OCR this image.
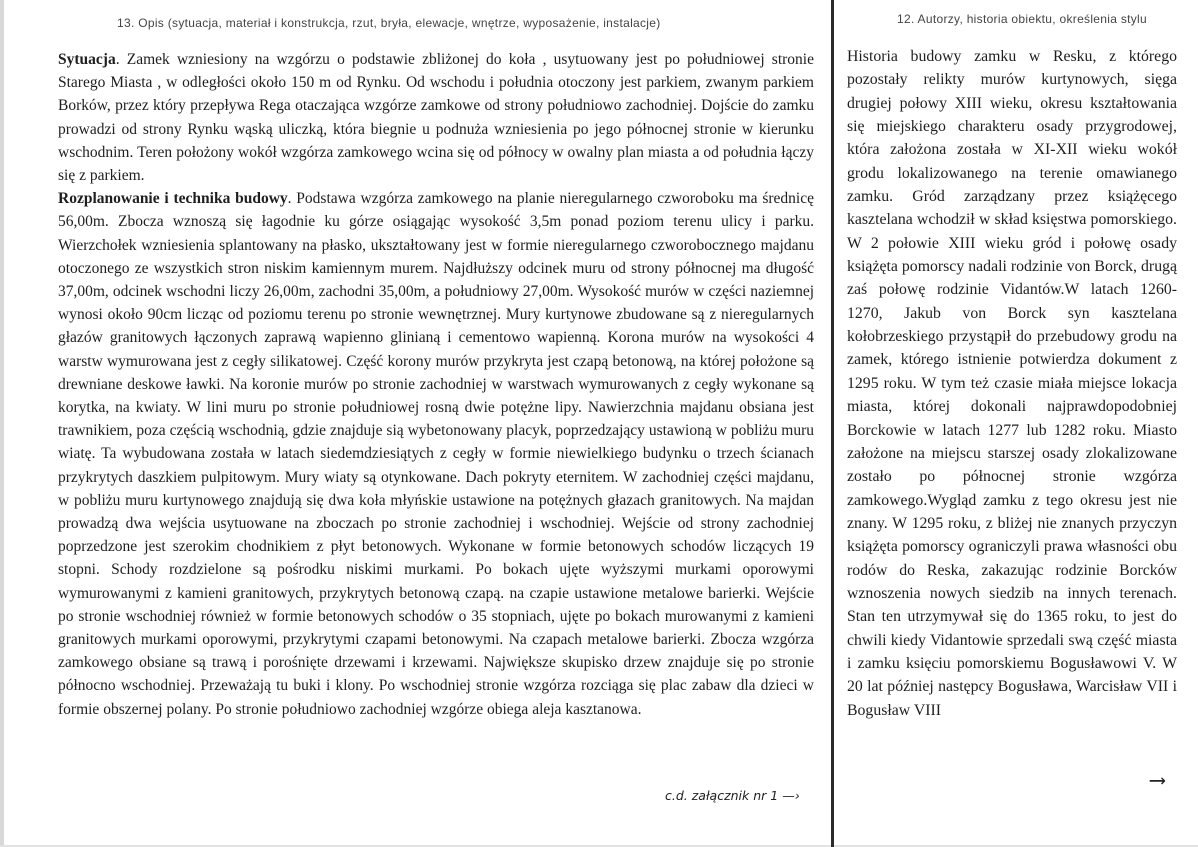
13. Opis (sytuacja, materiał i konstrukcja, rzut, bryła, elewacje, wnętrze, wyposażenie, instalacje)	12. Autorzy, historia obiektu, określenia stylu

Sytuacja. Zamek wzniesiony na wzgórzu o podstawie zbliżonej do koła , usytuowany jest po południowej stronie Starego Miasta , w odległości około 150 m od Rynku. Od wschodu i południa otoczony jest parkiem, zwanym parkiem Borków, przez który przepływa Rega otaczająca wzgórze zamkowe od strony południowo zachodniej. Dojście do zamku prowadzi od strony Rynku wąską uliczką, która biegnie u podnuża wzniesienia po jego północnej stronie w kierunku wschodnim. Teren położony wokół wzgórza zamkowego wcina się od północy w owalny plan miasta a od południa łączy się z parkiem.

Rozplanowanie i technika budowy. Podstawa wzgórza zamkowego na planie nieregularnego czworoboku ma średnicę 56,00m. Zbocza wznoszą się łagodnie ku górze osiągając wysokość 3,5m ponad poziom terenu ulicy i parku. Wierzchołek wzniesienia splantowany na płasko, ukształtowany jest w formie nieregularnego czworobocznego majdanu otoczonego ze wszystkich stron niskim kamiennym murem. Najdłuższy odcinek muru od strony północnej ma długość 37,00m, odcinek wschodni liczy 26,00m, zachodni 35,00m, a południowy 27,00m. Wysokość murów w części naziemnej wynosi około 90cm licząc od poziomu terenu po stronie wewnętrznej. Mury kurtynowe zbudowane są z nieregularnych głazów granitowych łączonych zaprawą wapienno glinianą i cementowo wapienną. Korona murów na wysokości 4 warstw wymurowana jest z cegły silikatowej. Część korony murów przykryta jest czapą betonową, na której położone są drewniane deskowe ławki. Na koronie murów po stronie zachodniej w warstwach wymurowanych z cegły wykonane są korytka, na kwiaty. W lini muru po stronie południowej rosną dwie potężne lipy. Nawierzchnia majdanu obsiana jest trawnikiem, poza częścią wschodnią, gdzie znajduje sią wybetonowany placyk, poprzedzający ustawioną w pobliżu muru wiatę. Ta wybudowana została w latach siedemdziesiątych z cegły w formie niewielkiego budynku o trzech ścianach przykrytych daszkiem pulpitowym. Mury wiaty są otynkowane. Dach pokryty eternitem. W zachodniej części majdanu, w pobliżu muru kurtynowego znajdują się dwa koła młyńskie ustawione na potężnych głazach granitowych. Na majdan prowadzą dwa wejścia usytuowane na zboczach po stronie zachodniej i wschodniej. Wejście od strony zachodniej poprzedzone jest szerokim chodnikiem z płyt betonowych. Wykonane w formie betonowych schodów liczących 19 stopni. Schody rozdzielone są pośrodku niskimi murkami. Po bokach ujęte wyższymi murkami oporowymi wymurowanymi z kamieni granitowych, przykrytych betonową czapą. na czapie ustawione metalowe barierki. Wejście po stronie wschodniej również w formie betonowych schodów o 35 stopniach, ujęte po bokach murowanymi z kamieni granitowych murkami oporowymi, przykrytymi czapami betonowymi. Na czapach metalowe barierki. Zbocza wzgórza zamkowego obsiane są trawą i porośnięte drzewami i krzewami. Największe skupisko drzew znajduje się po stronie północno wschodniej. Przeważają tu buki i klony. Po wschodniej stronie wzgórza rozciąga się plac zabaw dla dzieci w formie obszernej polany. Po stronie południowo zachodniej wzgórze obiega aleja kasztanowa.

c.d. załącznik nr 1 —›

Historia budowy zamku w Resku, z którego pozostały relikty murów kurtynowych, sięga drugiej połowy XIII wieku, okresu kształtowania się miejskiego charakteru osady przygrodowej, która założona została w XI-XII wieku wokół grodu lokalizowanego na terenie omawianego zamku. Gród zarządzany przez książęcego kasztelana wchodził w skład księstwa pomorskiego. W 2 połowie XIII wieku gród i połowę osady książęta pomorscy nadali rodzinie von Borck, drugą zaś połowę rodzinie Vidantów.W latach 1260- 1270, Jakub von Borck syn kasztelana kołobrzeskiego przystąpił do przebudowy grodu na zamek, którego istnienie potwierdza dokument z 1295 roku. W tym też czasie miała miejsce lokacja miasta, której dokonali najprawdopodobniej Borckowie w latach 1277 lub 1282 roku. Miasto założone na miejscu starszej osady zlokalizowane zostało po północnej stronie wzgórza zamkowego.Wygląd zamku z tego okresu jest nie znany. W 1295 roku, z bliżej nie znanych przyczyn książęta pomorscy ograniczyli prawa własności obu rodów do Reska, zakazując rodzinie Borcków wznoszenia nowych siedzib na innych terenach. Stan ten utrzymywał się do 1365 roku, to jest do chwili kiedy Vidantowie sprzedali swą część miasta i zamku księciu pomorskiemu Bogusławowi V. W 20 lat później następcy Bogusława, Warcisław VII i Bogusław VIII

⟶
